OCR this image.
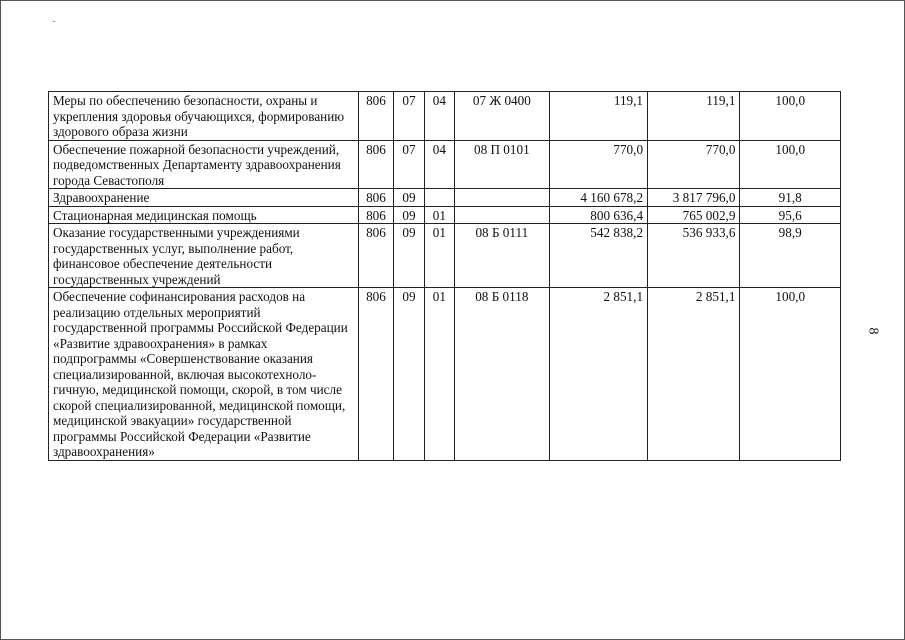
Меры по обеспечению безопасности, охраны и укрепления здоровья обучающихся, формированию здорового образа жизни	806	07	04	07 Ж 0400	119,1	119,1	100,0
Обеспечение пожарной безопасности учреждений, подведомственных Департаменту здравоохранения города Севастополя	806	07	04	08 П 0101	770,0	770,0	100,0
Здравоохранение	806	09			4 160 678,2	3 817 796,0	91,8
Стационарная медицинская помощь	806	09	01		800 636,4	765 002,9	95,6
Оказание государственными учреждениями государственных услуг, выполнение работ, финансовое обеспечение деятельности государственных учреждений	806	09	01	08 Б 0111	542 838,2	536 933,6	98,9
Обеспечение софинансирования расходов на реализацию отдельных мероприятий государственной программы Российской Федерации «Развитие здравоохранения» в рамках подпрограммы «Совершенствование оказания специализированной, включая высокотехноло-гичную, медицинской помощи, скорой, в том числе скорой специализированной, медицинской помощи, медицинской эвакуации» государственной программы Российской Федерации «Развитие здравоохранения»	806	09	01	08 Б 0118	2 851,1	2 851,1	100,0
8
